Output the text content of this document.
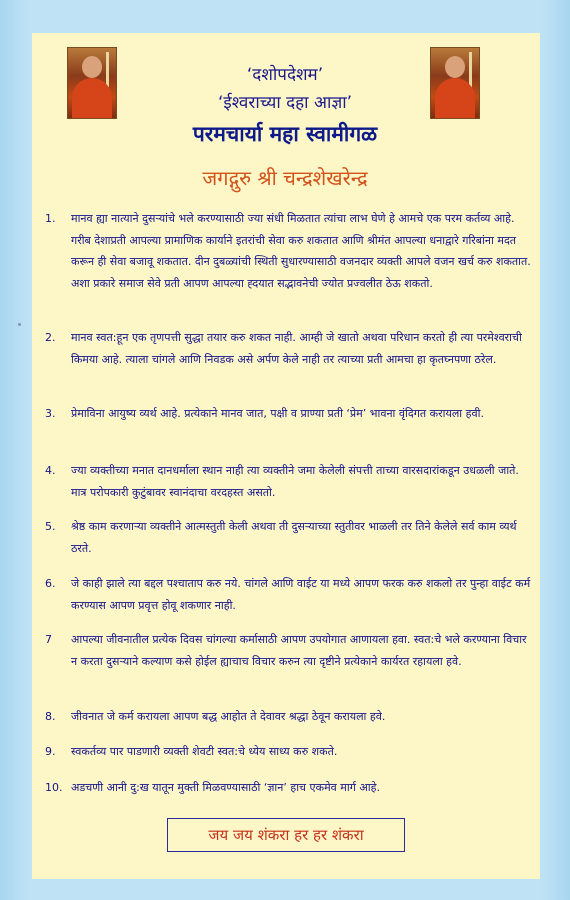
‘दशोपदेशम’
‘ईश्वराच्या दहा आज्ञा’
परमचार्या महा स्वामीगळ
जगद्गुरु श्री चन्द्रशेखरेन्द्र
1.	मानव ह्या नात्याने दुसऱ्यांचे भले करण्यासाठी ज्या संधी मिळतात त्यांचा लाभ घेणे हे आमचे एक परम कर्तव्य आहे. गरीब देशाप्रती आपल्या प्रामाणिक कार्याने इतरांची सेवा करु शकतात आणि श्रीमंत आपल्या धनाद्वारे गरिबांना मदत करून ही सेवा बजावू शकतात. दीन दुबळ्यांची स्थिती सुधारण्यासाठी वजनदार व्यक्ती आपले वजन खर्च करु शकतात. अशा प्रकारे समाज सेवे प्रती आपण आपल्या ह्दयात सद्भावनेची ज्योत प्रज्वलीत ठेऊ शकतो.
2.	मानव स्वत:हून एक तृणपत्ती सुद्धा तयार करु शकत नाही. आम्ही जे खातो अथवा परिधान करतो ही त्या परमेश्वराची किमया आहे. त्याला चांगले आणि निवडक असे अर्पण केले नाही तर त्याच्या प्रती आमचा हा कृतघ्नपणा ठरेल.
3.	प्रेमाविना आयुष्य व्यर्थ आहे. प्रत्येकाने मानव जात, पक्षी व प्राण्या प्रती ‘प्रेम’ भावना वृंदिगत करायला हवी.
4.	ज्या व्यक्तीच्या मनात दानधर्माला स्थान नाही त्या व्यक्तीने जमा केलेली संपत्ती ताच्या वारसदारांकडून उधळली जाते. मात्र परोपकारी कुटुंबावर स्वानंदाचा वरदहस्त असतो.
5.	श्रेष्ठ काम करणाऱ्या व्यक्तीने आत्मस्तुती केली अथवा ती दुसऱ्याच्या स्तुतीवर भाळली तर तिने केलेले सर्व काम व्यर्थ ठरते.
6.	जे काही झाले त्या बद्दल पश्चाताप करु नये. चांगले आणि वाईट या मध्ये आपण फरक करु शकलो तर पुन्हा वाईट कर्म करण्यास आपण प्रवृत्त होवू शकणार नाही.
7	आपल्या जीवनातील प्रत्येक दिवस चांगल्या कर्मासाठी आपण उपयोगात आणायला हवा. स्वत:चे भले करण्याना विचार न करता दुसऱ्याने कल्याण कसे होईल ह्याचाच विचार करुन त्या दृष्टीने प्रत्येकाने कार्यरत रहायला हवे.
8.	जीवनात जे कर्म करायला आपण बद्ध आहोत ते देवावर श्रद्धा ठेवून करायला हवे.
9.	स्वकर्तव्य पार पाडणारी व्यक्ती शेवटी स्वत:चे ध्येय साध्य करु शकते.
10. अडचणी आनी दु:ख यातून मुक्ती मिळवण्यासाठी ‘ज्ञान’ हाच एकमेव मार्ग आहे.
जय जय शंकरा हर हर शंकरा
